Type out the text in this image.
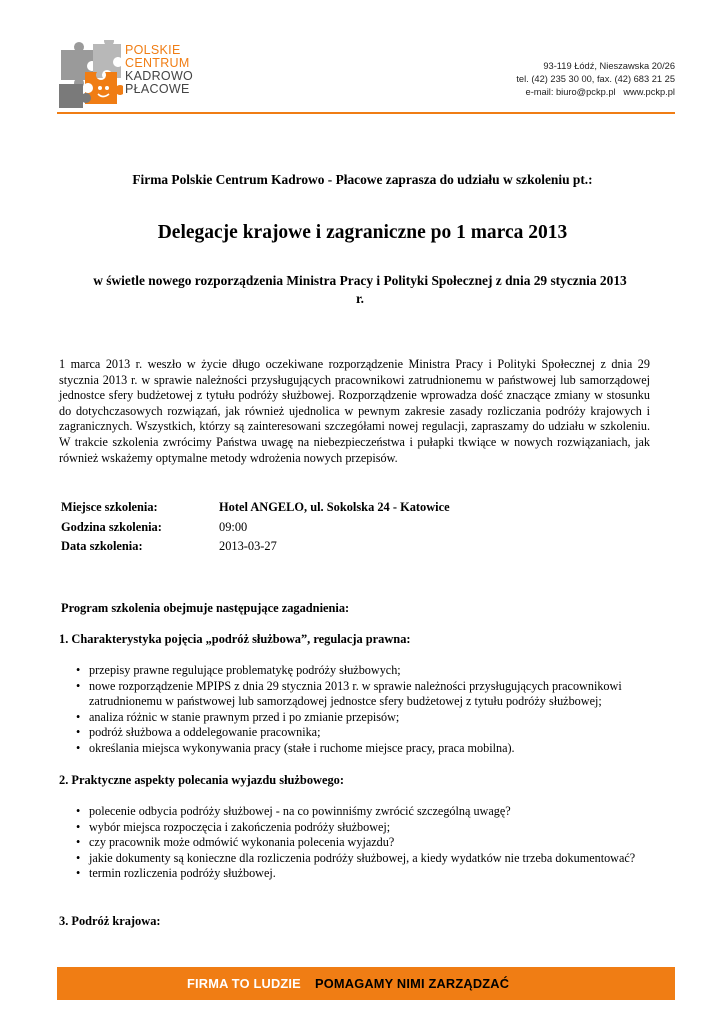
POLSKIE
CENTRUM
KADROWO
PŁACOWE
93-119 Łódź, Nieszawska 20/26
tel. (42) 235 30 00, fax. (42) 683 21 25
e-mail: biuro@pckp.pl www.pckp.pl
Firma Polskie Centrum Kadrowo - Płacowe zaprasza do udziału w szkoleniu pt.:
Delegacje krajowe i zagraniczne po 1 marca 2013
w świetle nowego rozporządzenia Ministra Pracy i Polityki Społecznej z dnia 29 stycznia 2013
r.
1 marca 2013 r. weszło w życie długo oczekiwane rozporządzenie Ministra Pracy i Polityki Społecznej z dnia 29 stycznia 2013 r. w sprawie należności przysługujących pracownikowi zatrudnionemu w państwowej lub samorządowej jednostce sfery budżetowej z tytułu podróży służbowej. Rozporządzenie wprowadza dość znaczące zmiany w stosunku do dotychczasowych rozwiązań, jak również ujednolica w pewnym zakresie zasady rozliczania podróży krajowych i zagranicznych. Wszystkich, którzy są zainteresowani szczegółami nowej regulacji, zapraszamy do udziału w szkoleniu. W trakcie szkolenia zwrócimy Państwa uwagę na niebezpieczeństwa i pułapki tkwiące w nowych rozwiązaniach, jak również wskażemy optymalne metody wdrożenia nowych przepisów.
Miejsce szkolenia:	Hotel ANGELO, ul. Sokolska 24 - Katowice
Godzina szkolenia:	09:00
Data szkolenia:	2013-03-27
Program szkolenia obejmuje następujące zagadnienia:
1. Charakterystyka pojęcia „podróż służbowa”, regulacja prawna:
• przepisy prawne regulujące problematykę podróży służbowych;
• nowe rozporządzenie MPIPS z dnia 29 stycznia 2013 r. w sprawie należności przysługujących pracownikowi zatrudnionemu w państwowej lub samorządowej jednostce sfery budżetowej z tytułu podróży służbowej;
• analiza różnic w stanie prawnym przed i po zmianie przepisów;
• podróż służbowa a oddelegowanie pracownika;
• określania miejsca wykonywania pracy (stałe i ruchome miejsce pracy, praca mobilna).
2. Praktyczne aspekty polecania wyjazdu służbowego:
• polecenie odbycia podróży służbowej - na co powinniśmy zwrócić szczególną uwagę?
• wybór miejsca rozpoczęcia i zakończenia podróży służbowej;
• czy pracownik może odmówić wykonania polecenia wyjazdu?
• jakie dokumenty są konieczne dla rozliczenia podróży służbowej, a kiedy wydatków nie trzeba dokumentować?
• termin rozliczenia podróży służbowej.
3. Podróż krajowa:
FIRMA TO LUDZIE POMAGAMY NIMI ZARZĄDZAĆ
